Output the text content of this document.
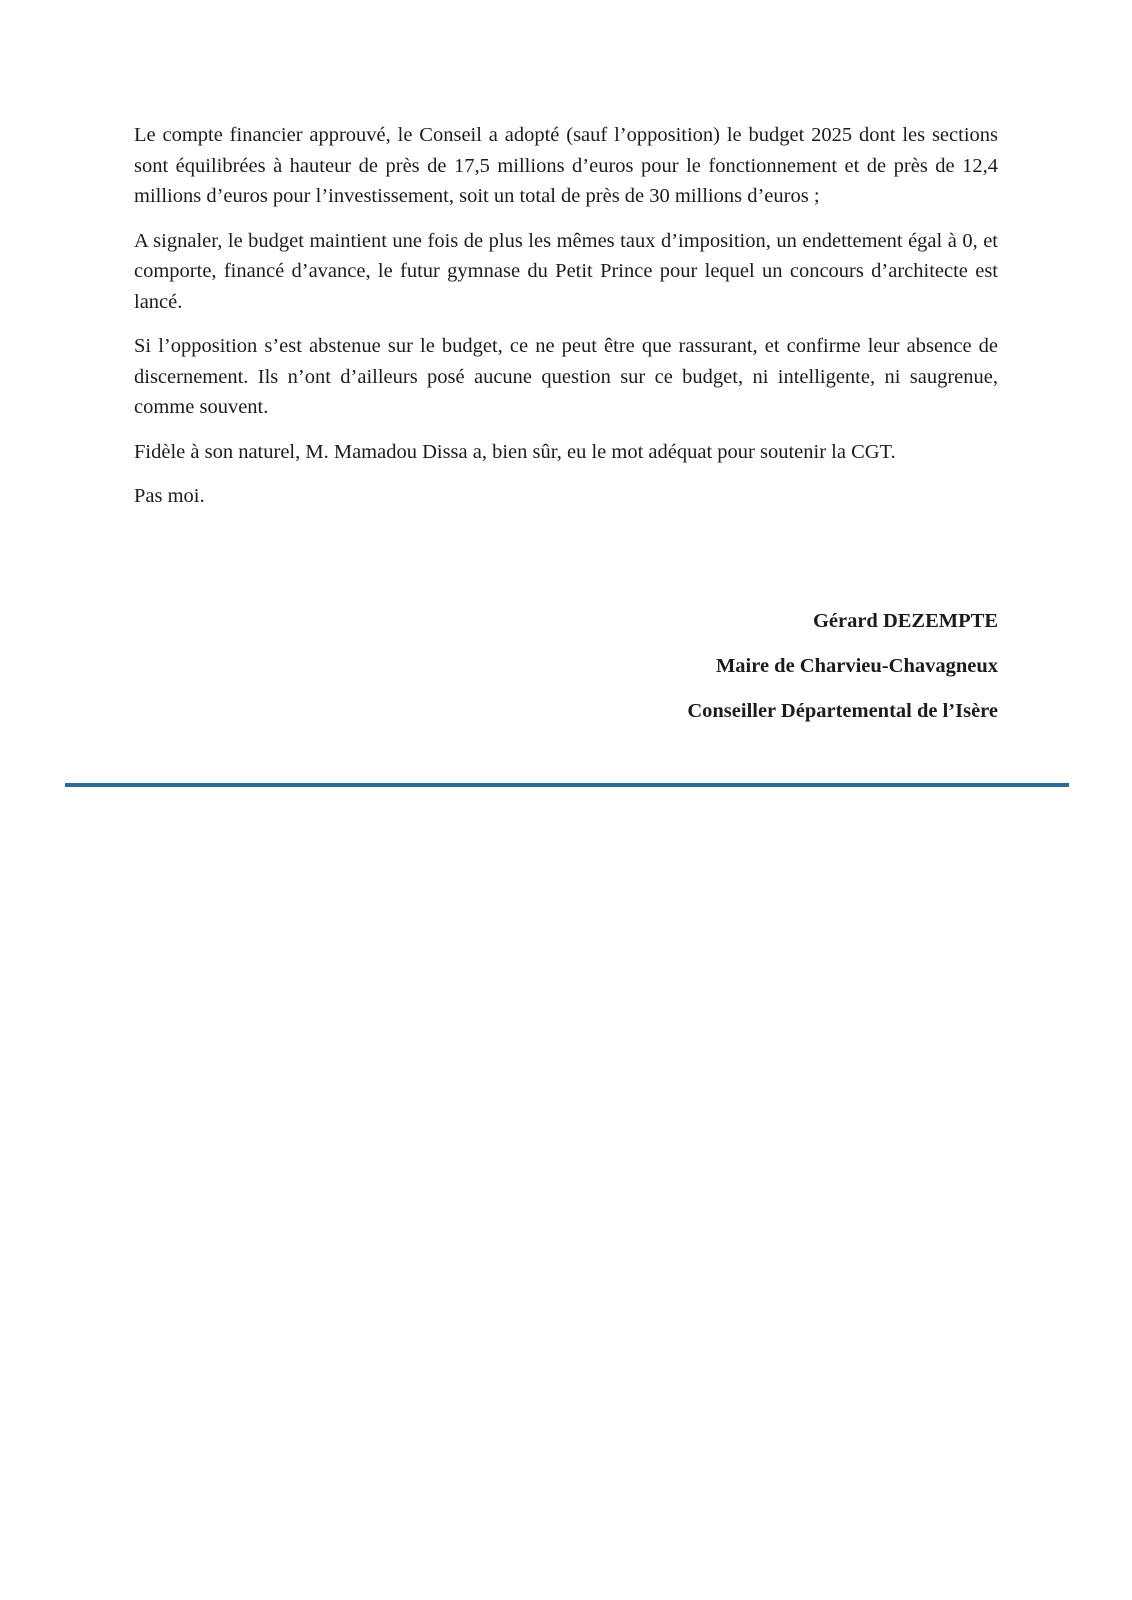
Le compte financier approuvé, le Conseil a adopté (sauf l’opposition) le budget 2025 dont les sections sont équilibrées à hauteur de près de 17,5 millions d’euros pour le fonctionnement et de près de 12,4 millions d’euros pour l’investissement, soit un total de près de 30 millions d’euros ;

A signaler, le budget maintient une fois de plus les mêmes taux d’imposition, un endettement égal à 0, et comporte, financé d’avance, le futur gymnase du Petit Prince pour lequel un concours d’architecte est lancé.

Si l’opposition s’est abstenue sur le budget, ce ne peut être que rassurant, et confirme leur absence de discernement. Ils n’ont d’ailleurs posé aucune question sur ce budget, ni intelligente, ni saugrenue, comme souvent.

Fidèle à son naturel, M. Mamadou Dissa a, bien sûr, eu le mot adéquat pour soutenir la CGT.

Pas moi.

Gérard DEZEMPTE
Maire de Charvieu-Chavagneux
Conseiller Départemental de l’Isère
